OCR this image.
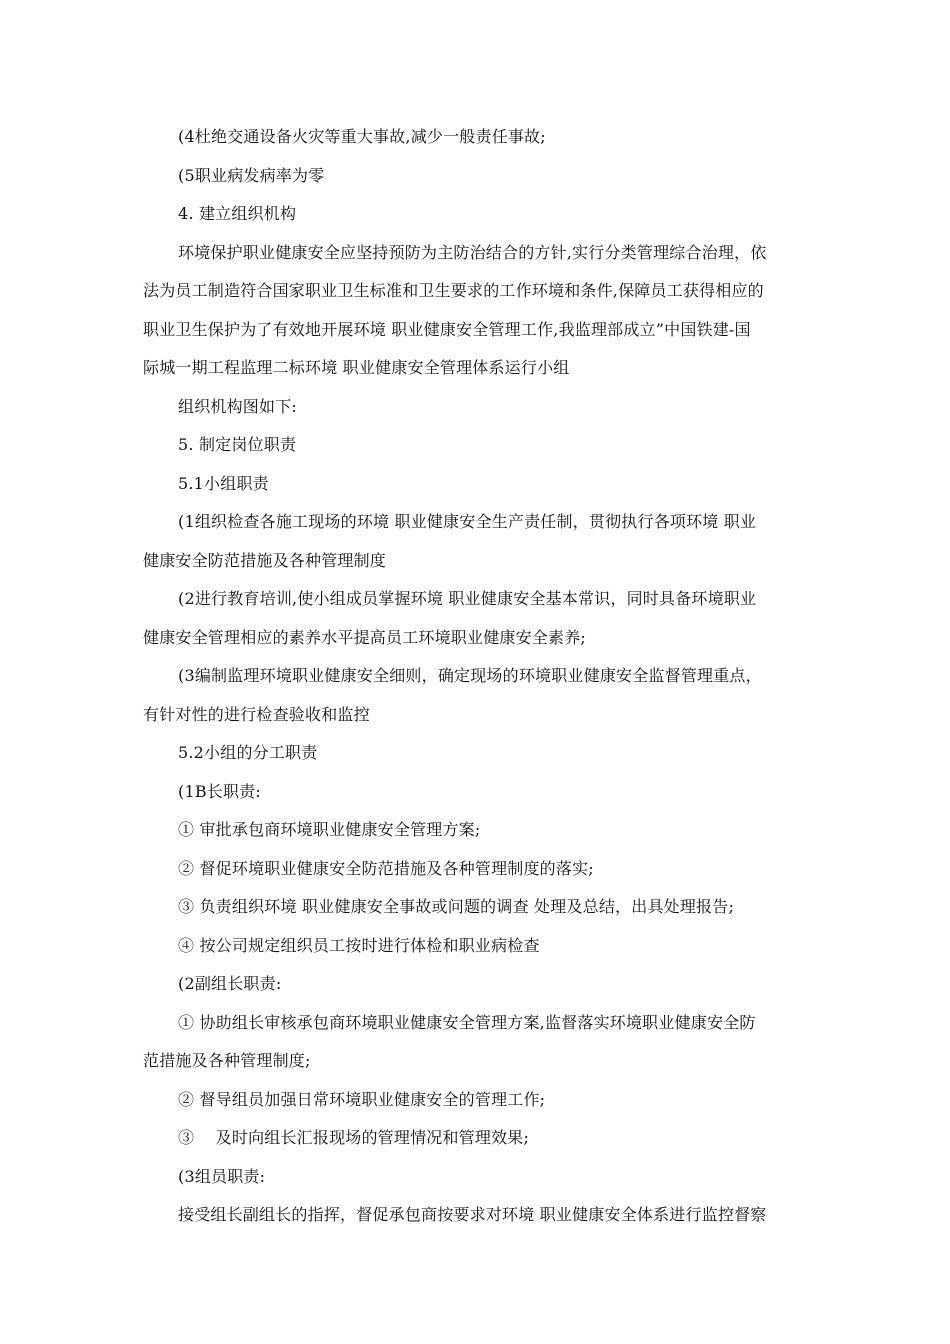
(4杜绝交通设备火灾等重大事故,减少一般责任事故;

(5职业病发病率为零

4. 建立组织机构

环境保护职业健康安全应坚持预防为主防治结合的方针,实行分类管理综合治理，依

法为员工制造符合国家职业卫生标准和卫生要求的工作环境和条件,保障员工获得相应的

职业卫生保护为了有效地开展环境 职业健康安全管理工作,我监理部成立”中国铁建-国

际城一期工程监理二标环境 职业健康安全管理体系运行小组

组织机构图如下:

5. 制定岗位职责

5.1小组职责

(1组织检查各施工现场的环境 职业健康安全生产责任制，贯彻执行各项环境 职业

健康安全防范措施及各种管理制度

(2进行教育培训,使小组成员掌握环境 职业健康安全基本常识，同时具备环境职业

健康安全管理相应的素养水平提高员工环境职业健康安全素养;

(3编制监理环境职业健康安全细则，确定现场的环境职业健康安全监督管理重点，

有针对性的进行检查验收和监控

5.2小组的分工职责

(1B长职责:

① 审批承包商环境职业健康安全管理方案;

② 督促环境职业健康安全防范措施及各种管理制度的落实;

③ 负责组织环境 职业健康安全事故或问题的调查 处理及总结，出具处理报告;

④ 按公司规定组织员工按时进行体检和职业病检查

(2副组长职责:

① 协助组长审核承包商环境职业健康安全管理方案,监督落实环境职业健康安全防

范措施及各种管理制度;

② 督导组员加强日常环境职业健康安全的管理工作;

③　 及时向组长汇报现场的管理情况和管理效果;

(3组员职责:

接受组长副组长的指挥，督促承包商按要求对环境 职业健康安全体系进行监控督察
